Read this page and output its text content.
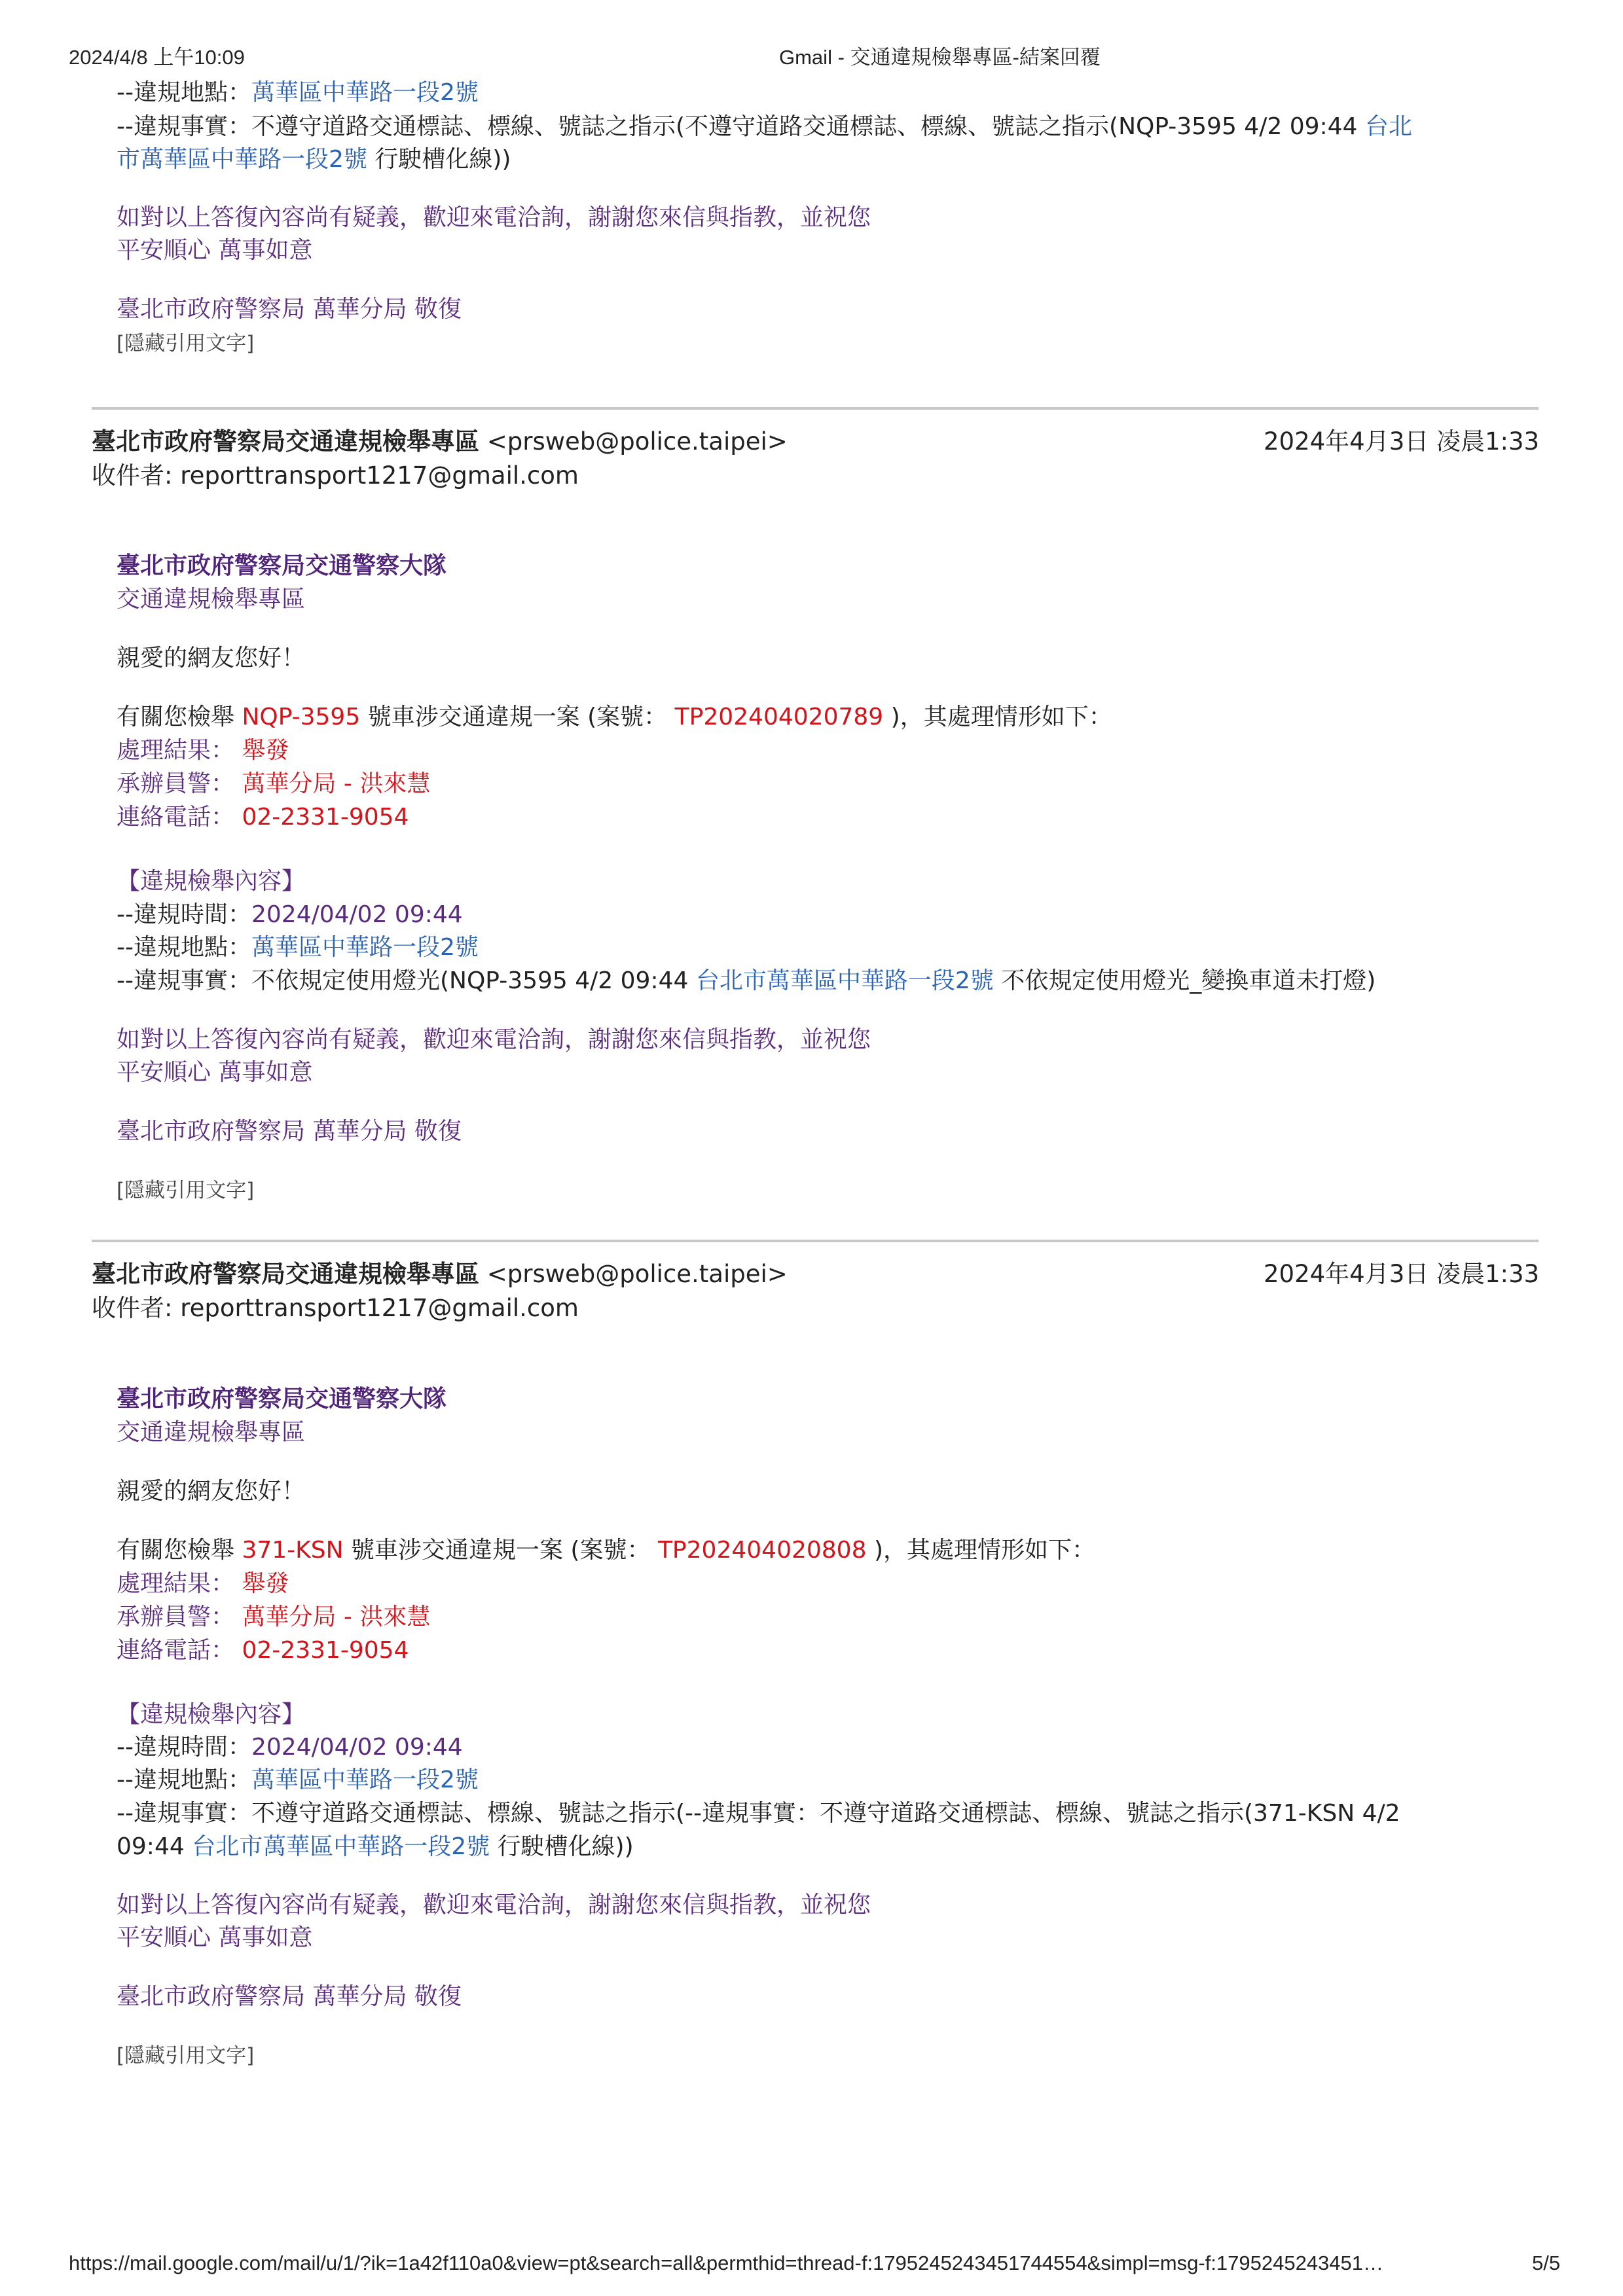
2024/4/8 上午10:09	Gmail - 交通違規檢舉專區-結案回覆
--違規地點：萬華區中華路一段2號
--違規事實：不遵守道路交通標誌、標線、號誌之指示(不遵守道路交通標誌、標線、號誌之指示(NQP-3595 4/2 09:44 台北
市萬華區中華路一段2號 行駛槽化線))
如對以上答復內容尚有疑義，歡迎來電洽詢，謝謝您來信與指教，並祝您
平安順心 萬事如意
臺北市政府警察局 萬華分局 敬復
[隱藏引用文字]
臺北市政府警察局交通違規檢舉專區 <prsweb@police.taipei>	2024年4月3日 凌晨1:33
收件者: reporttransport1217@gmail.com
臺北市政府警察局交通警察大隊
交通違規檢舉專區
親愛的網友您好！
有關您檢舉 NQP-3595 號車涉交通違規一案 (案號： TP202404020789 )，其處理情形如下：
處理結果： 舉發
承辦員警： 萬華分局 - 洪來慧
連絡電話： 02-2331-9054
【違規檢舉內容】
--違規時間：2024/04/02 09:44
--違規地點：萬華區中華路一段2號
--違規事實：不依規定使用燈光(NQP-3595 4/2 09:44 台北市萬華區中華路一段2號 不依規定使用燈光_變換車道未打燈)
如對以上答復內容尚有疑義，歡迎來電洽詢，謝謝您來信與指教，並祝您
平安順心 萬事如意
臺北市政府警察局 萬華分局 敬復
[隱藏引用文字]
臺北市政府警察局交通違規檢舉專區 <prsweb@police.taipei>	2024年4月3日 凌晨1:33
收件者: reporttransport1217@gmail.com
臺北市政府警察局交通警察大隊
交通違規檢舉專區
親愛的網友您好！
有關您檢舉 371-KSN 號車涉交通違規一案 (案號： TP202404020808 )，其處理情形如下：
處理結果： 舉發
承辦員警： 萬華分局 - 洪來慧
連絡電話： 02-2331-9054
【違規檢舉內容】
--違規時間：2024/04/02 09:44
--違規地點：萬華區中華路一段2號
--違規事實：不遵守道路交通標誌、標線、號誌之指示(--違規事實：不遵守道路交通標誌、標線、號誌之指示(371-KSN 4/2
09:44 台北市萬華區中華路一段2號 行駛槽化線))
如對以上答復內容尚有疑義，歡迎來電洽詢，謝謝您來信與指教，並祝您
平安順心 萬事如意
臺北市政府警察局 萬華分局 敬復
[隱藏引用文字]
https://mail.google.com/mail/u/1/?ik=1a42f110a0&view=pt&search=all&permthid=thread-f:1795245243451744554&simpl=msg-f:1795245243451…	5/5
